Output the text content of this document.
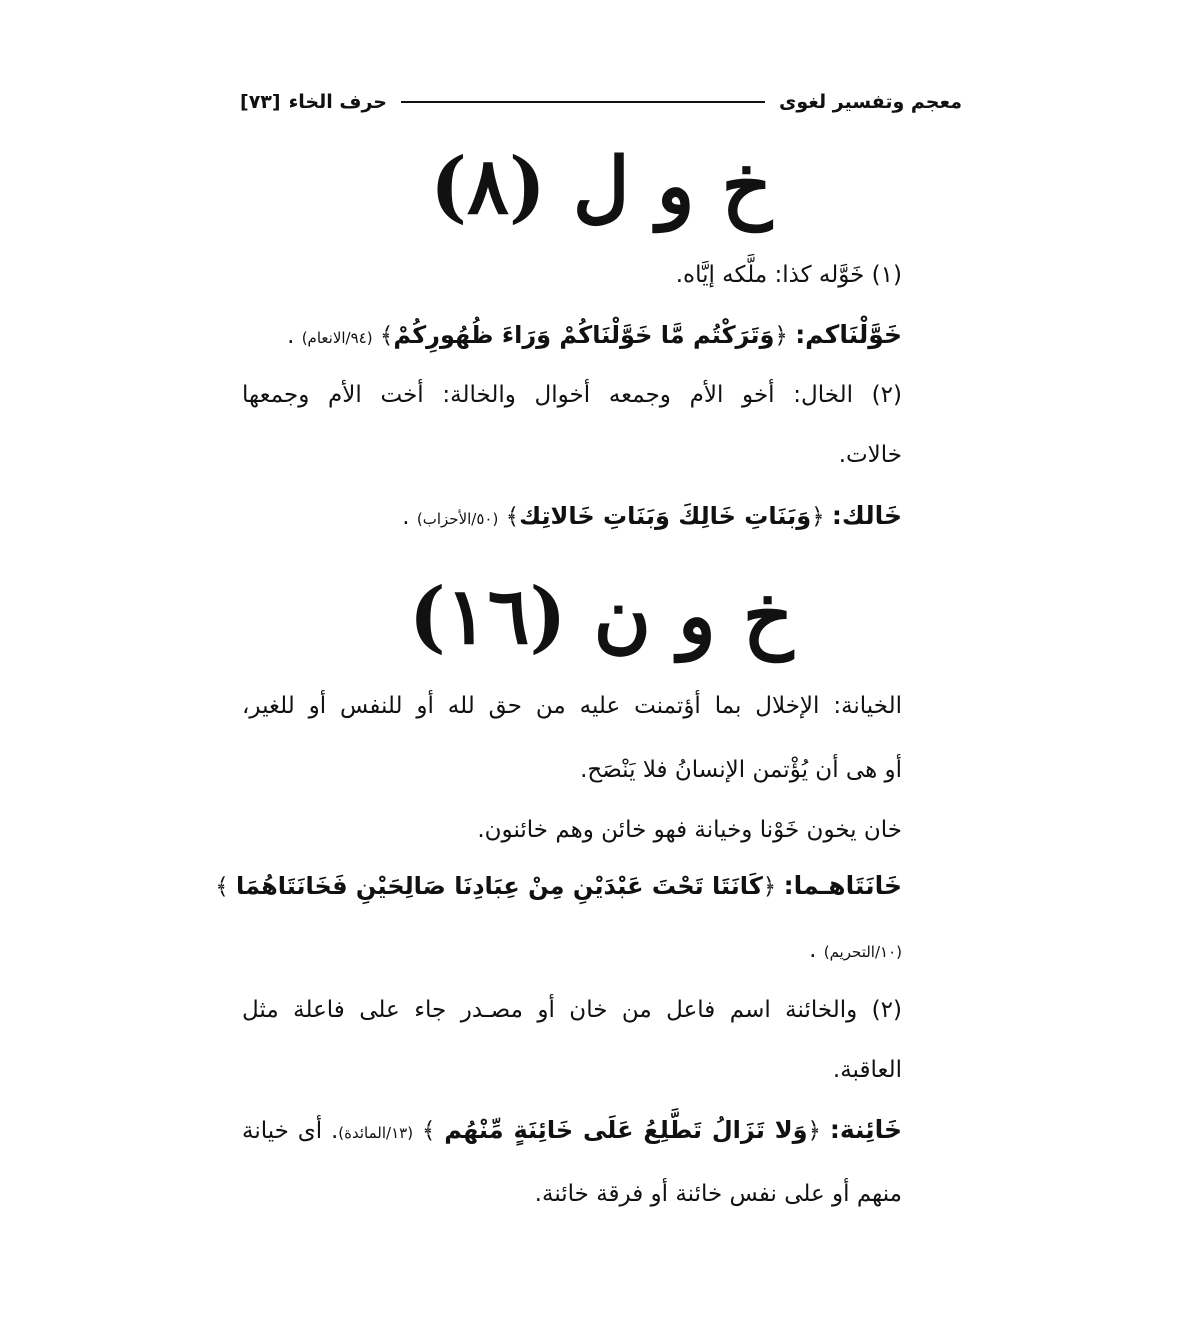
معجم وتفسير لغوى
حرف الخاء
[٧٣]
خ و ل (٨)
(١) خَوَّله كذا: ملَّكه إيَّاه.
خَوَّلْنَاكم: ﴿وَتَرَكْتُم مَّا خَوَّلْنَاكُمْ وَرَاءَ ظُهُورِكُمْ﴾ (٩٤/الانعام) .
(٢) الخال: أخو الأم وجمعه أخوال والخالة: أخت الأم وجمعها
خالات.
خَالك: ﴿وَبَنَاتِ خَالِكَ وَبَنَاتِ خَالاتِك﴾ (٥٠/الأحزاب) .
خ و ن (١٦)
الخيانة: الإخلال بما أؤتمنت عليه من حق لله أو للنفس أو للغير،
أو هى أن يُؤْتمن الإنسانُ فلا يَنْصَح.
خان يخون خَوْنا وخيانة فهو خائن وهم خائنون.
خَانَتَاهـما: ﴿كَانَتَا تَحْتَ عَبْدَيْنِ مِنْ عِبَادِنَا صَالِحَيْنِ فَخَانَتَاهُمَا ﴾
(١٠/التحريم) .
(٢) والخائنة اسم فاعل من خان أو مصـدر جاء على فاعلة مثل
العاقبة.
خَائِنة: ﴿وَلا تَزَالُ تَطَّلِعُ عَلَى خَائِنَةٍ مِّنْهُم ﴾ (١٣/المائدة). أى خيانة
منهم أو على نفس خائنة أو فرقة خائنة.
